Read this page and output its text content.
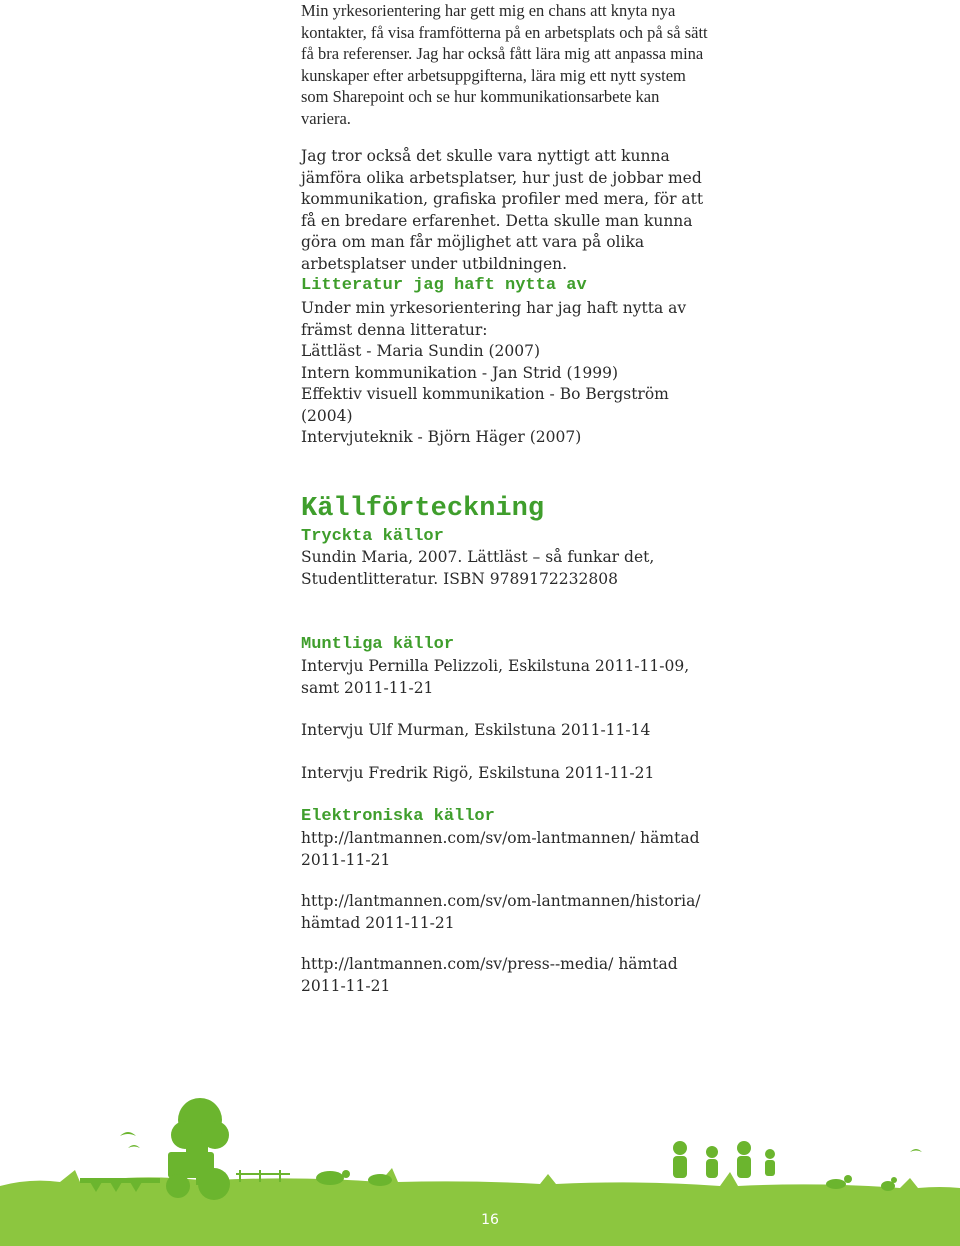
Min yrkesorientering har gett mig en chans att knyta nya kontakter, få visa framfötterna på en arbetsplats och på så sätt få bra referenser. Jag har också fått lära mig att anpassa mina kunskaper efter arbetsuppgifterna, lära mig ett nytt system som Sharepoint och se hur kommunikationsarbete kan variera.

Jag tror också det skulle vara nyttigt att kunna jämföra olika arbetsplatser, hur just de jobbar med kommunikation, grafiska profiler med mera, för att få en bredare erfarenhet. Detta skulle man kunna göra om man får möjlighet att vara på olika arbetsplatser under utbildningen.

Litteratur jag haft nytta av

Under min yrkesorientering har jag haft nytta av främst denna litteratur:

Lättläst - Maria Sundin (2007)

Intern kommunikation - Jan Strid (1999)

Effektiv visuell kommunikation - Bo Bergström (2004)

Intervjuteknik - Björn Häger (2007)

Källförteckning
Tryckta källor

Sundin Maria, 2007. Lättläst – så funkar det, Studentlitteratur. ISBN 9789172232808

Muntliga källor

Intervju Pernilla Pelizzoli, Eskilstuna 2011-11-09, samt 2011-11-21

Intervju Ulf Murman, Eskilstuna 2011-11-14

Intervju Fredrik Rigö, Eskilstuna 2011-11-21

Elektroniska källor

http://lantmannen.com/sv/om-lantmannen/ hämtad 2011-11-21

http://lantmannen.com/sv/om-lantmannen/historia/ hämtad 2011-11-21

http://lantmannen.com/sv/press--media/ hämtad 2011-11-21

16
